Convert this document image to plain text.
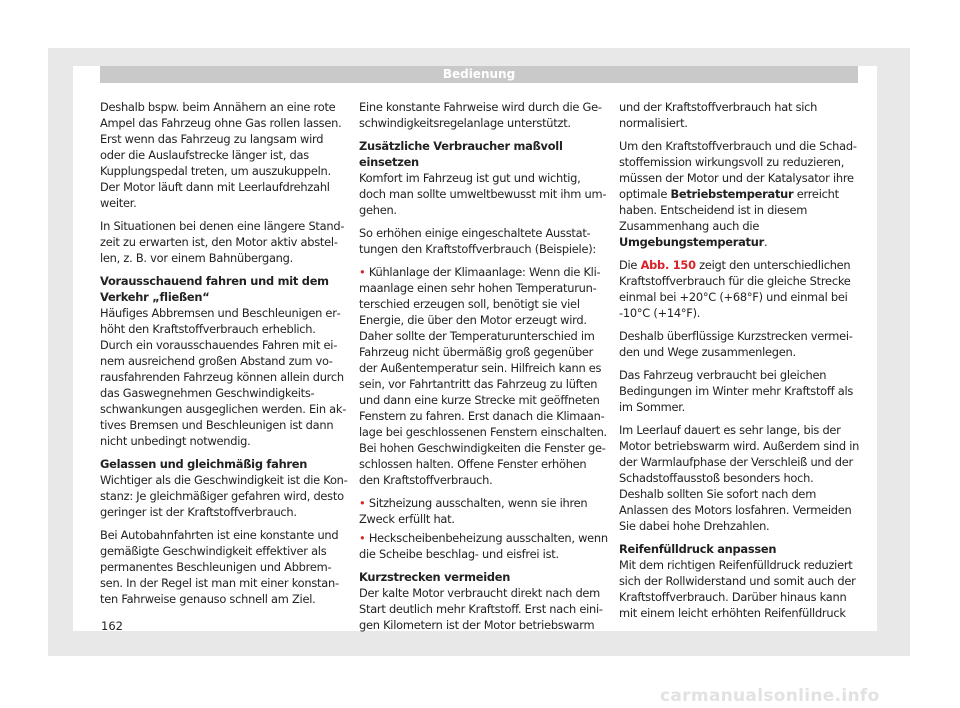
Bedienung

Deshalb bspw. beim Annähern an eine rote Ampel das Fahrzeug ohne Gas rollen lassen. Erst wenn das Fahrzeug zu langsam wird oder die Auslaufstrecke länger ist, das Kupplungspedal treten, um auszukuppeln. Der Motor läuft dann mit Leerlaufdrehzahl weiter.

In Situationen bei denen eine längere Standzeit zu erwarten ist, den Motor aktiv abstellen, z. B. vor einem Bahnübergang.

Vorausschauend fahren und mit dem Verkehr „fließen“

Häufiges Abbremsen und Beschleunigen erhöht den Kraftstoffverbrauch erheblich. Durch ein vorausschauendes Fahren mit einem ausreichend großen Abstand zum vorausfahrenden Fahrzeug können allein durch das Gaswegnehmen Geschwindigkeitsschwankungen ausgeglichen werden. Ein aktives Bremsen und Beschleunigen ist dann nicht unbedingt notwendig.

Gelassen und gleichmäßig fahren

Wichtiger als die Geschwindigkeit ist die Konstanz: Je gleichmäßiger gefahren wird, desto geringer ist der Kraftstoffverbrauch.

Bei Autobahnfahrten ist eine konstante und gemäßigte Geschwindigkeit effektiver als permanentes Beschleunigen und Abbremsen. In der Regel ist man mit einer konstanten Fahrweise genauso schnell am Ziel.

Eine konstante Fahrweise wird durch die Geschwindigkeitsregelanlage unterstützt.

Zusätzliche Verbraucher maßvoll einsetzen

Komfort im Fahrzeug ist gut und wichtig, doch man sollte umweltbewusst mit ihm umgehen.

So erhöhen einige eingeschaltete Ausstattungen den Kraftstoffverbrauch (Beispiele):

• Kühlanlage der Klimaanlage: Wenn die Klimaanlage einen sehr hohen Temperaturunterschied erzeugen soll, benötigt sie viel Energie, die über den Motor erzeugt wird. Daher sollte der Temperaturunterschied im Fahrzeug nicht übermäßig groß gegenüber der Außentemperatur sein. Hilfreich kann es sein, vor Fahrtantritt das Fahrzeug zu lüften und dann eine kurze Strecke mit geöffneten Fenstern zu fahren. Erst danach die Klimaanlage bei geschlossenen Fenstern einschalten. Bei hohen Geschwindigkeiten die Fenster geschlossen halten. Offene Fenster erhöhen den Kraftstoffverbrauch.

• Sitzheizung ausschalten, wenn sie ihren Zweck erfüllt hat.

• Heckscheibenbeheizung ausschalten, wenn die Scheibe beschlag- und eisfrei ist.

Kurzstrecken vermeiden

Der kalte Motor verbraucht direkt nach dem Start deutlich mehr Kraftstoff. Erst nach einigen Kilometern ist der Motor betriebswarm

und der Kraftstoffverbrauch hat sich normalisiert.

Um den Kraftstoffverbrauch und die Schadstoffemission wirkungsvoll zu reduzieren, müssen der Motor und der Katalysator ihre optimale Betriebstemperatur erreicht haben. Entscheidend ist in diesem Zusammenhang auch die Umgebungstemperatur.

Die Abb. 150 zeigt den unterschiedlichen Kraftstoffverbrauch für die gleiche Strecke einmal bei +20°C (+68°F) und einmal bei -10°C (+14°F).

Deshalb überflüssige Kurzstrecken vermeiden und Wege zusammenlegen.

Das Fahrzeug verbraucht bei gleichen Bedingungen im Winter mehr Kraftstoff als im Sommer.

Im Leerlauf dauert es sehr lange, bis der Motor betriebswarm wird. Außerdem sind in der Warmlaufphase der Verschleiß und der Schadstoffausstoß besonders hoch. Deshalb sollten Sie sofort nach dem Anlassen des Motors losfahren. Vermeiden Sie dabei hohe Drehzahlen.

Reifenfülldruck anpassen

Mit dem richtigen Reifenfülldruck reduziert sich der Rollwiderstand und somit auch der Kraftstoffverbrauch. Darüber hinaus kann mit einem leicht erhöhten Reifenfülldruck

162
carmanualsonline.info
